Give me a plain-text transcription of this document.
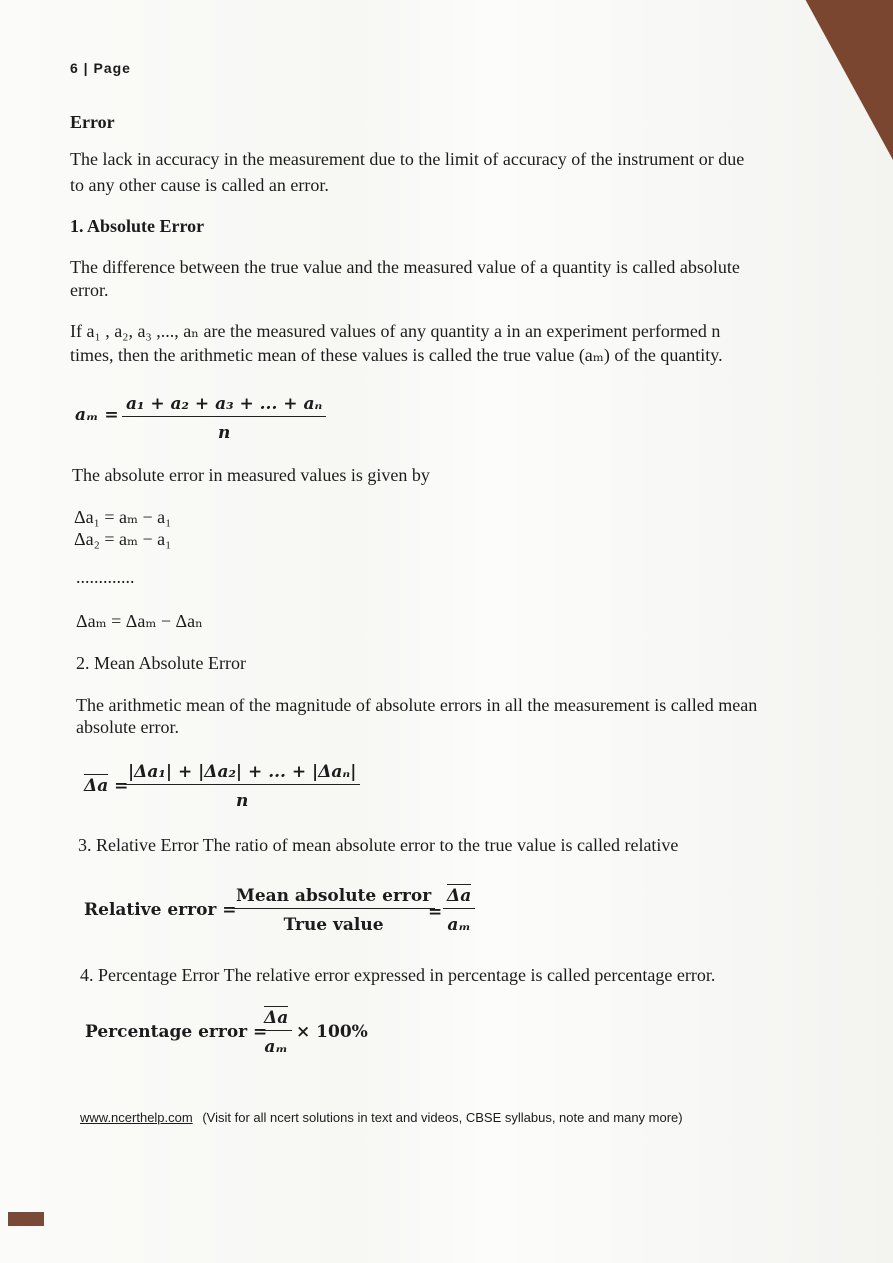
6 | Page
Error
The lack in accuracy in the measurement due to the limit of accuracy of the instrument or due
to any other cause is called an error.
1. Absolute Error
The difference between the true value and the measured value of a quantity is called absolute
error.
If a₁ , a₂, a₃ ,..., aₙ are the measured values of any quantity a in an experiment performed n
times, then the arithmetic mean of these values is called the true value (aₘ) of the quantity.
$a_m = \frac{\text{a₁ + a₂ + a₃ + ... + aₙ}}{n}$
The absolute error in measured values is given by
Δa₁ = aₘ − a₁
Δa₂ = aₘ − a₁
.............
Δaₘ = Δaₘ − Δaₙ
2. Mean Absolute Error
The arithmetic mean of the magnitude of absolute errors in all the measurement is called mean
absolute error.
Δa =
|Δa₁| + |Δa₂| + ... + |Δaₙ|
n
3. Relative Error The ratio of mean absolute error to the true value is called relative
Relative error =
Mean absolute error
True value
= $\frac{\Delta a}{\text{aₘ}}$
4. Percentage Error The relative error expressed in percentage is called percentage error.
Percentage error =
$\frac{\Delta a}{\text{aₘ}} \times 100\%$
www.ncerthelp.com (Visit for all ncert solutions in text and videos, CBSE syllabus, note and many more)
